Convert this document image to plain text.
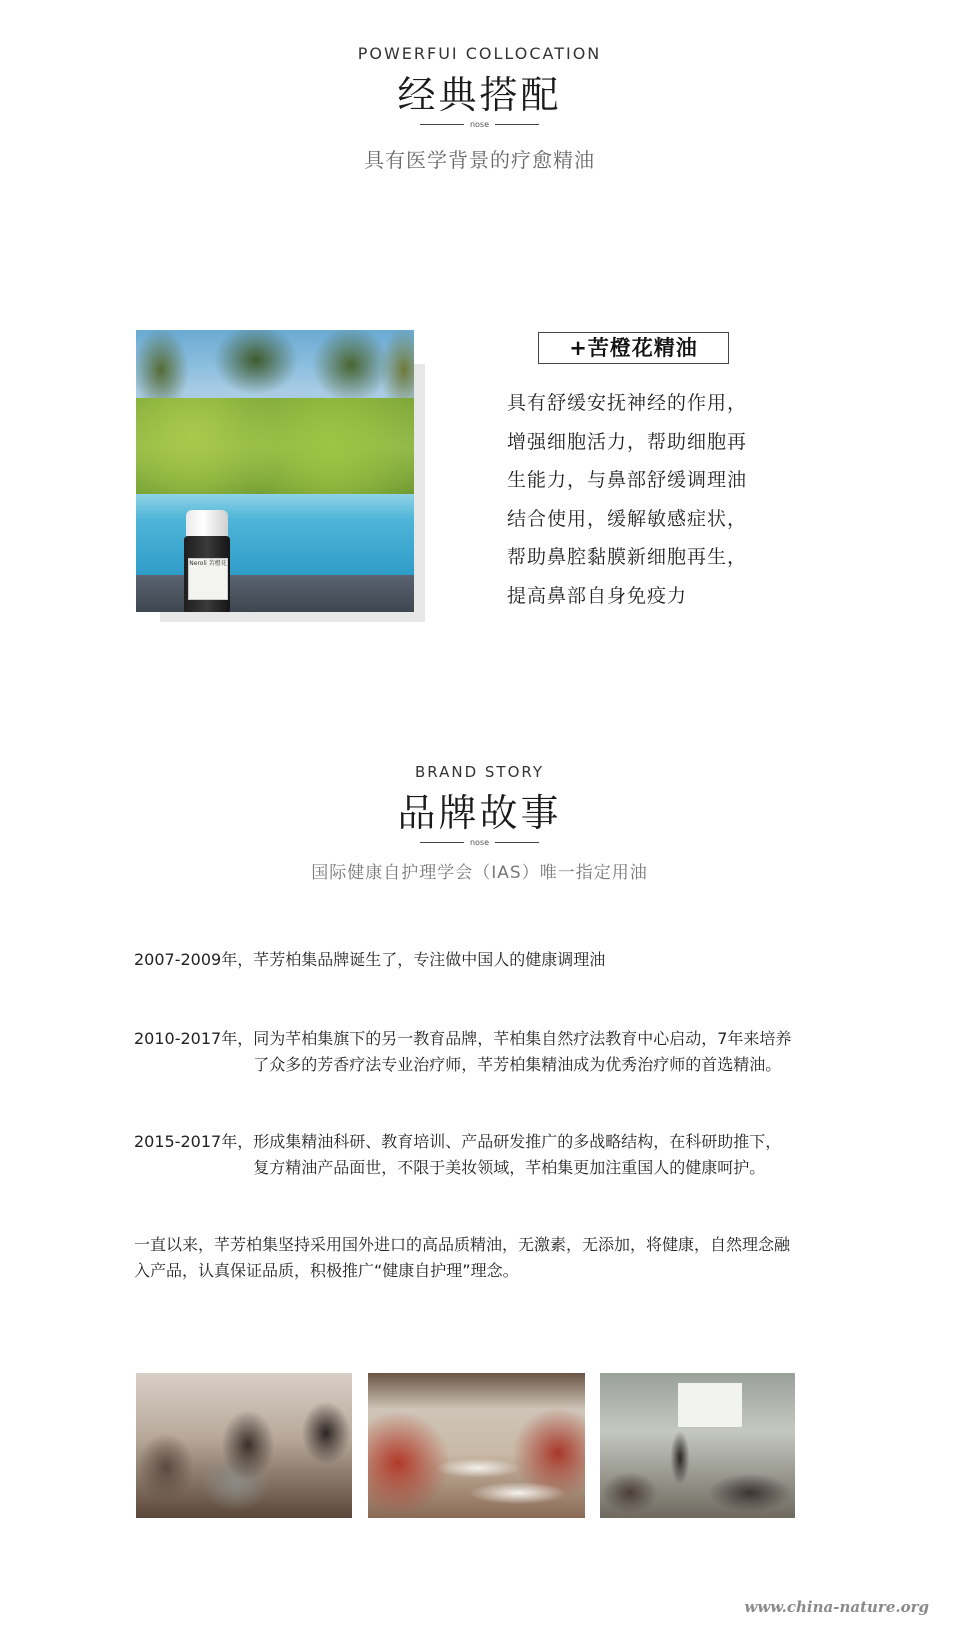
POWERFUI COLLOCATION
经典搭配
nose
具有医学背景的疗愈精油
Neroli 苦橙花
+苦橙花精油
具有舒缓安抚神经的作用，
增强细胞活力，帮助细胞再
生能力，与鼻部舒缓调理油
结合使用，缓解敏感症状，
帮助鼻腔黏膜新细胞再生，
提高鼻部自身免疫力
BRAND STORY
品牌故事
nose
国际健康自护理学会（IAS）唯一指定用油
2007-2009年， 芊芳柏集品牌诞生了，专注做中国人的健康调理油
2010-2017年， 同为芊柏集旗下的另一教育品牌，芊柏集自然疗法教育中心启动，7年来培养了众多的芳香疗法专业治疗师，芊芳柏集精油成为优秀治疗师的首选精油。
2015-2017年， 形成集精油科研、教育培训、产品研发推广的多战略结构，在科研助推下，复方精油产品面世，不限于美妆领域，芊柏集更加注重国人的健康呵护。
一直以来，芊芳柏集坚持采用国外进口的高品质精油，无激素，无添加，将健康，自然理念融入产品，认真保证品质，积极推广“健康自护理”理念。
www.china-nature.org
